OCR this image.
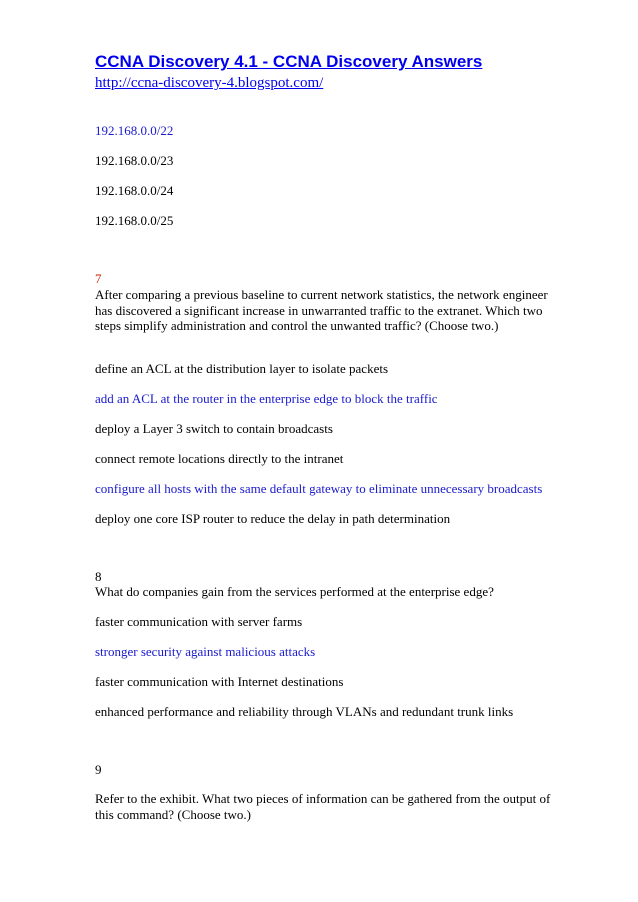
CCNA Discovery 4.1 - CCNA Discovery Answers
http://ccna-discovery-4.blogspot.com/
192.168.0.0/22
192.168.0.0/23
192.168.0.0/24
192.168.0.0/25
7
After comparing a previous baseline to current network statistics, the network engineer has discovered a significant increase in unwarranted traffic to the extranet. Which two steps simplify administration and control the unwanted traffic? (Choose two.)
define an ACL at the distribution layer to isolate packets
add an ACL at the router in the enterprise edge to block the traffic
deploy a Layer 3 switch to contain broadcasts
connect remote locations directly to the intranet
configure all hosts with the same default gateway to eliminate unnecessary broadcasts
deploy one core ISP router to reduce the delay in path determination
8
What do companies gain from the services performed at the enterprise edge?
faster communication with server farms
stronger security against malicious attacks
faster communication with Internet destinations
enhanced performance and reliability through VLANs and redundant trunk links
9
Refer to the exhibit. What two pieces of information can be gathered from the output of this command? (Choose two.)
